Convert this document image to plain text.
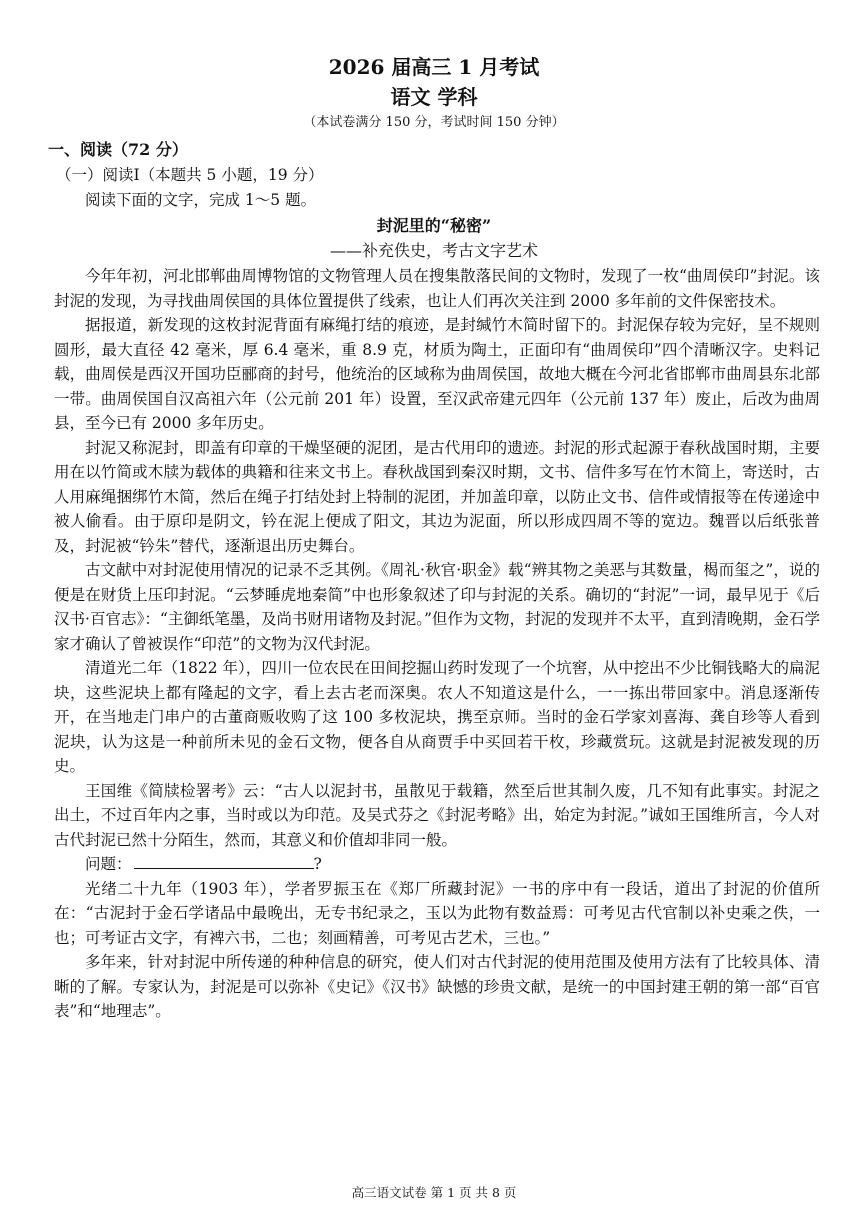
2026 届高三 1 月考试
语文 学科
（本试卷满分 150 分，考试时间 150 分钟）
一、阅读（72 分）
（一）阅读Ⅰ（本题共 5 小题，19 分）
阅读下面的文字，完成 1～5 题。
封泥里的“秘密”
——补充佚史，考古文字艺术

今年年初，河北邯郸曲周博物馆的文物管理人员在搜集散落民间的文物时，发现了一枚“曲周侯印”封泥。该封泥的发现，为寻找曲周侯国的具体位置提供了线索，也让人们再次关注到 2000 多年前的文件保密技术。

据报道，新发现的这枚封泥背面有麻绳打结的痕迹，是封缄竹木简时留下的。封泥保存较为完好，呈不规则圆形，最大直径 42 毫米，厚 6.4 毫米，重 8.9 克，材质为陶土，正面印有“曲周侯印”四个清晰汉字。史料记载，曲周侯是西汉开国功臣郦商的封号，他统治的区域称为曲周侯国，故地大概在今河北省邯郸市曲周县东北部一带。曲周侯国自汉高祖六年（公元前 201 年）设置，至汉武帝建元四年（公元前 137 年）废止，后改为曲周县，至今已有 2000 多年历史。

封泥又称泥封，即盖有印章的干燥坚硬的泥团，是古代用印的遗迹。封泥的形式起源于春秋战国时期，主要用在以竹简或木牍为载体的典籍和往来文书上。春秋战国到秦汉时期，文书、信件多写在竹木简上，寄送时，古人用麻绳捆绑竹木简，然后在绳子打结处封上特制的泥团，并加盖印章，以防止文书、信件或情报等在传递途中被人偷看。由于原印是阴文，钤在泥上便成了阳文，其边为泥面，所以形成四周不等的宽边。魏晋以后纸张普及，封泥被“钤朱”替代，逐渐退出历史舞台。

古文献中对封泥使用情况的记录不乏其例。《周礼·秋官·职金》载“辨其物之美恶与其数量，楬而玺之”，说的便是在财货上压印封泥。“云梦睡虎地秦简”中也形象叙述了印与封泥的关系。确切的“封泥”一词，最早见于《后汉书·百官志》：“主御纸笔墨，及尚书财用诸物及封泥。”但作为文物，封泥的发现并不太平，直到清晚期，金石学家才确认了曾被误作“印范”的文物为汉代封泥。

清道光二年（1822 年），四川一位农民在田间挖掘山药时发现了一个坑窖，从中挖出不少比铜钱略大的扁泥块，这些泥块上都有隆起的文字，看上去古老而深奥。农人不知道这是什么，一一拣出带回家中。消息逐渐传开，在当地走门串户的古董商贩收购了这 100 多枚泥块，携至京师。当时的金石学家刘喜海、龚自珍等人看到泥块，认为这是一种前所未见的金石文物，便各自从商贾手中买回若干枚，珍藏赏玩。这就是封泥被发现的历史。

王国维《简牍检署考》云：“古人以泥封书，虽散见于载籍，然至后世其制久废，几不知有此事实。封泥之出土，不过百年内之事，当时或以为印范。及吴式芬之《封泥考略》出，始定为封泥。”诚如王国维所言，今人对古代封泥已然十分陌生，然而，其意义和价值却非同一般。

问题：	?

光绪二十九年（1903 年），学者罗振玉在《郑厂所藏封泥》一书的序中有一段话，道出了封泥的价值所在：“古泥封于金石学诸品中最晚出，无专书纪录之，玉以为此物有数益焉：可考见古代官制以补史乘之佚，一也；可考证古文字，有裨六书，二也；刻画精善，可考见古艺术，三也。”

多年来，针对封泥中所传递的种种信息的研究，使人们对古代封泥的使用范围及使用方法有了比较具体、清晰的了解。专家认为，封泥是可以弥补《史记》《汉书》缺憾的珍贵文献，是统一的中国封建王朝的第一部“百官表”和“地理志”。

高三语文试卷 第 1 页 共 8 页
